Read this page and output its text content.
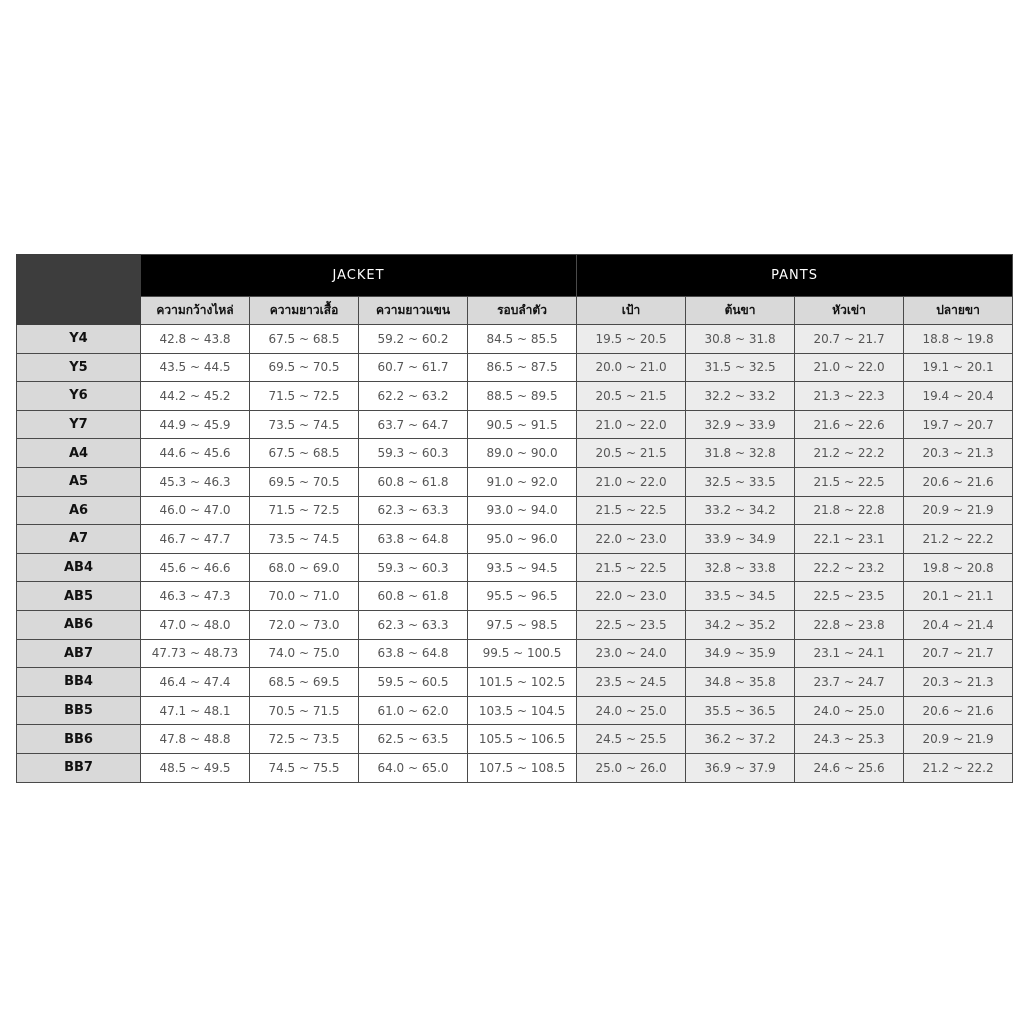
	JACKET				PANTS			
	ความกว้างไหล่	ความยาวเสื้อ	ความยาวแขน	รอบลำตัว	เป้า	ต้นขา	หัวเข่า	ปลายขา
Y4	42.8 ~ 43.8	67.5 ~ 68.5	59.2 ~ 60.2	84.5 ~ 85.5	19.5 ~ 20.5	30.8 ~ 31.8	20.7 ~ 21.7	18.8 ~ 19.8
Y5	43.5 ~ 44.5	69.5 ~ 70.5	60.7 ~ 61.7	86.5 ~ 87.5	20.0 ~ 21.0	31.5 ~ 32.5	21.0 ~ 22.0	19.1 ~ 20.1
Y6	44.2 ~ 45.2	71.5 ~ 72.5	62.2 ~ 63.2	88.5 ~ 89.5	20.5 ~ 21.5	32.2 ~ 33.2	21.3 ~ 22.3	19.4 ~ 20.4
Y7	44.9 ~ 45.9	73.5 ~ 74.5	63.7 ~ 64.7	90.5 ~ 91.5	21.0 ~ 22.0	32.9 ~ 33.9	21.6 ~ 22.6	19.7 ~ 20.7
A4	44.6 ~ 45.6	67.5 ~ 68.5	59.3 ~ 60.3	89.0 ~ 90.0	20.5 ~ 21.5	31.8 ~ 32.8	21.2 ~ 22.2	20.3 ~ 21.3
A5	45.3 ~ 46.3	69.5 ~ 70.5	60.8 ~ 61.8	91.0 ~ 92.0	21.0 ~ 22.0	32.5 ~ 33.5	21.5 ~ 22.5	20.6 ~ 21.6
A6	46.0 ~ 47.0	71.5 ~ 72.5	62.3 ~ 63.3	93.0 ~ 94.0	21.5 ~ 22.5	33.2 ~ 34.2	21.8 ~ 22.8	20.9 ~ 21.9
A7	46.7 ~ 47.7	73.5 ~ 74.5	63.8 ~ 64.8	95.0 ~ 96.0	22.0 ~ 23.0	33.9 ~ 34.9	22.1 ~ 23.1	21.2 ~ 22.2
AB4	45.6 ~ 46.6	68.0 ~ 69.0	59.3 ~ 60.3	93.5 ~ 94.5	21.5 ~ 22.5	32.8 ~ 33.8	22.2 ~ 23.2	19.8 ~ 20.8
AB5	46.3 ~ 47.3	70.0 ~ 71.0	60.8 ~ 61.8	95.5 ~ 96.5	22.0 ~ 23.0	33.5 ~ 34.5	22.5 ~ 23.5	20.1 ~ 21.1
AB6	47.0 ~ 48.0	72.0 ~ 73.0	62.3 ~ 63.3	97.5 ~ 98.5	22.5 ~ 23.5	34.2 ~ 35.2	22.8 ~ 23.8	20.4 ~ 21.4
AB7	47.73 ~ 48.73	74.0 ~ 75.0	63.8 ~ 64.8	99.5 ~ 100.5	23.0 ~ 24.0	34.9 ~ 35.9	23.1 ~ 24.1	20.7 ~ 21.7
BB4	46.4 ~ 47.4	68.5 ~ 69.5	59.5 ~ 60.5	101.5 ~ 102.5	23.5 ~ 24.5	34.8 ~ 35.8	23.7 ~ 24.7	20.3 ~ 21.3
BB5	47.1 ~ 48.1	70.5 ~ 71.5	61.0 ~ 62.0	103.5 ~ 104.5	24.0 ~ 25.0	35.5 ~ 36.5	24.0 ~ 25.0	20.6 ~ 21.6
BB6	47.8 ~ 48.8	72.5 ~ 73.5	62.5 ~ 63.5	105.5 ~ 106.5	24.5 ~ 25.5	36.2 ~ 37.2	24.3 ~ 25.3	20.9 ~ 21.9
BB7	48.5 ~ 49.5	74.5 ~ 75.5	64.0 ~ 65.0	107.5 ~ 108.5	25.0 ~ 26.0	36.9 ~ 37.9	24.6 ~ 25.6	21.2 ~ 22.2
